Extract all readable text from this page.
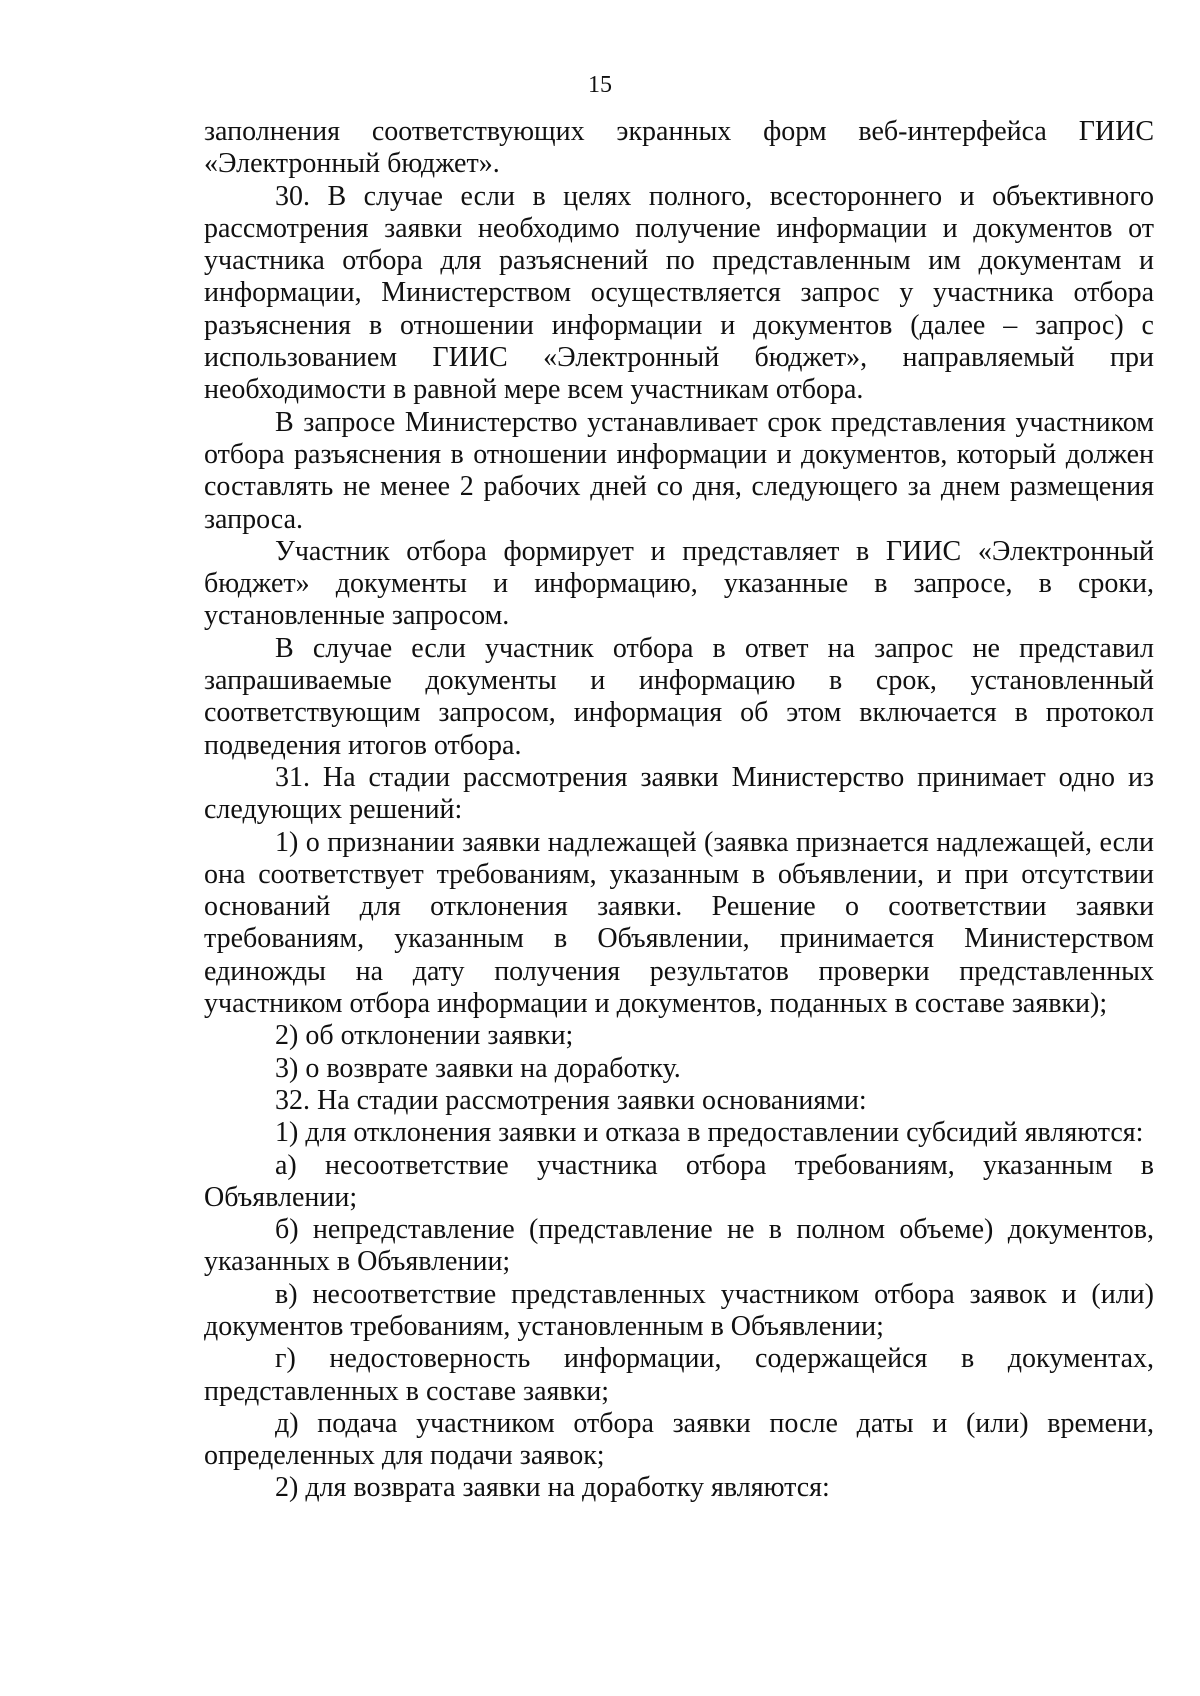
15

заполнения соответствующих экранных форм веб-интерфейса ГИИС «Электронный бюджет».

30. В случае если в целях полного, всестороннего и объективного рассмотрения заявки необходимо получение информации и документов от участника отбора для разъяснений по представленным им документам и информации, Министерством осуществляется запрос у участника отбора разъяснения в отношении информации и документов (далее – запрос) с использованием ГИИС «Электронный бюджет», направляемый при необходимости в равной мере всем участникам отбора.

В запросе Министерство устанавливает срок представления участником отбора разъяснения в отношении информации и документов, который должен составлять не менее 2 рабочих дней со дня, следующего за днем размещения запроса.

Участник отбора формирует и представляет в ГИИС «Электронный бюджет» документы и информацию, указанные в запросе, в сроки, установленные запросом.

В случае если участник отбора в ответ на запрос не представил запрашиваемые документы и информацию в срок, установленный соответствующим запросом, информация об этом включается в протокол подведения итогов отбора.

31. На стадии рассмотрения заявки Министерство принимает одно из следующих решений:

1) о признании заявки надлежащей (заявка признается надлежащей, если она соответствует требованиям, указанным в объявлении, и при отсутствии оснований для отклонения заявки. Решение о соответствии заявки требованиям, указанным в Объявлении, принимается Министерством единожды на дату получения результатов проверки представленных участником отбора информации и документов, поданных в составе заявки);

2) об отклонении заявки;

3) о возврате заявки на доработку.

32. На стадии рассмотрения заявки основаниями:

1) для отклонения заявки и отказа в предоставлении субсидий являются:

а) несоответствие участника отбора требованиям, указанным в Объявлении;

б) непредставление (представление не в полном объеме) документов, указанных в Объявлении;

в) несоответствие представленных участником отбора заявок и (или) документов требованиям, установленным в Объявлении;

г) недостоверность информации, содержащейся в документах, представленных в составе заявки;

д) подача участником отбора заявки после даты и (или) времени, определенных для подачи заявок;

2) для возврата заявки на доработку являются:
